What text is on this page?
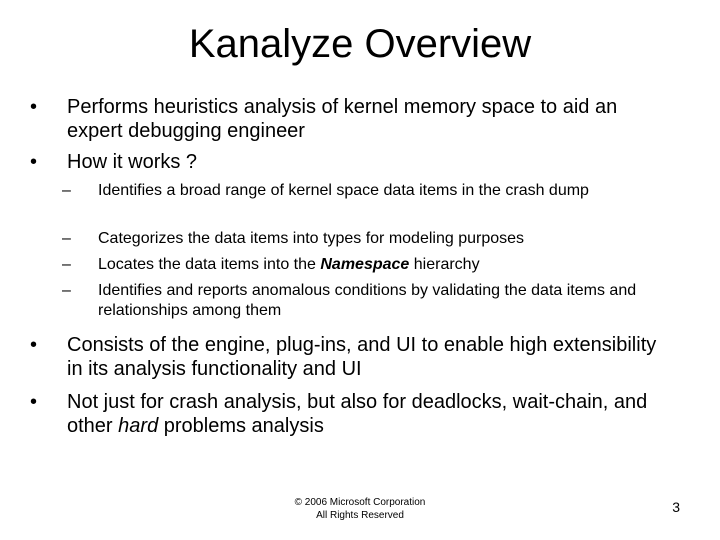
Kanalyze Overview
• Performs heuristics analysis of kernel memory space to aid an expert debugging engineer
• How it works ?
– Identifies a broad range of kernel space data items in the crash dump
– Categorizes the data items into types for modeling purposes
– Locates the data items into the Namespace hierarchy
– Identifies and reports anomalous conditions by validating the data items and relationships among them
• Consists of the engine, plug-ins, and UI to enable high extensibility in its analysis functionality and UI
• Not just for crash analysis, but also for deadlocks, wait-chain, and other hard problems analysis
© 2006 Microsoft Corporation
All Rights Reserved
3
